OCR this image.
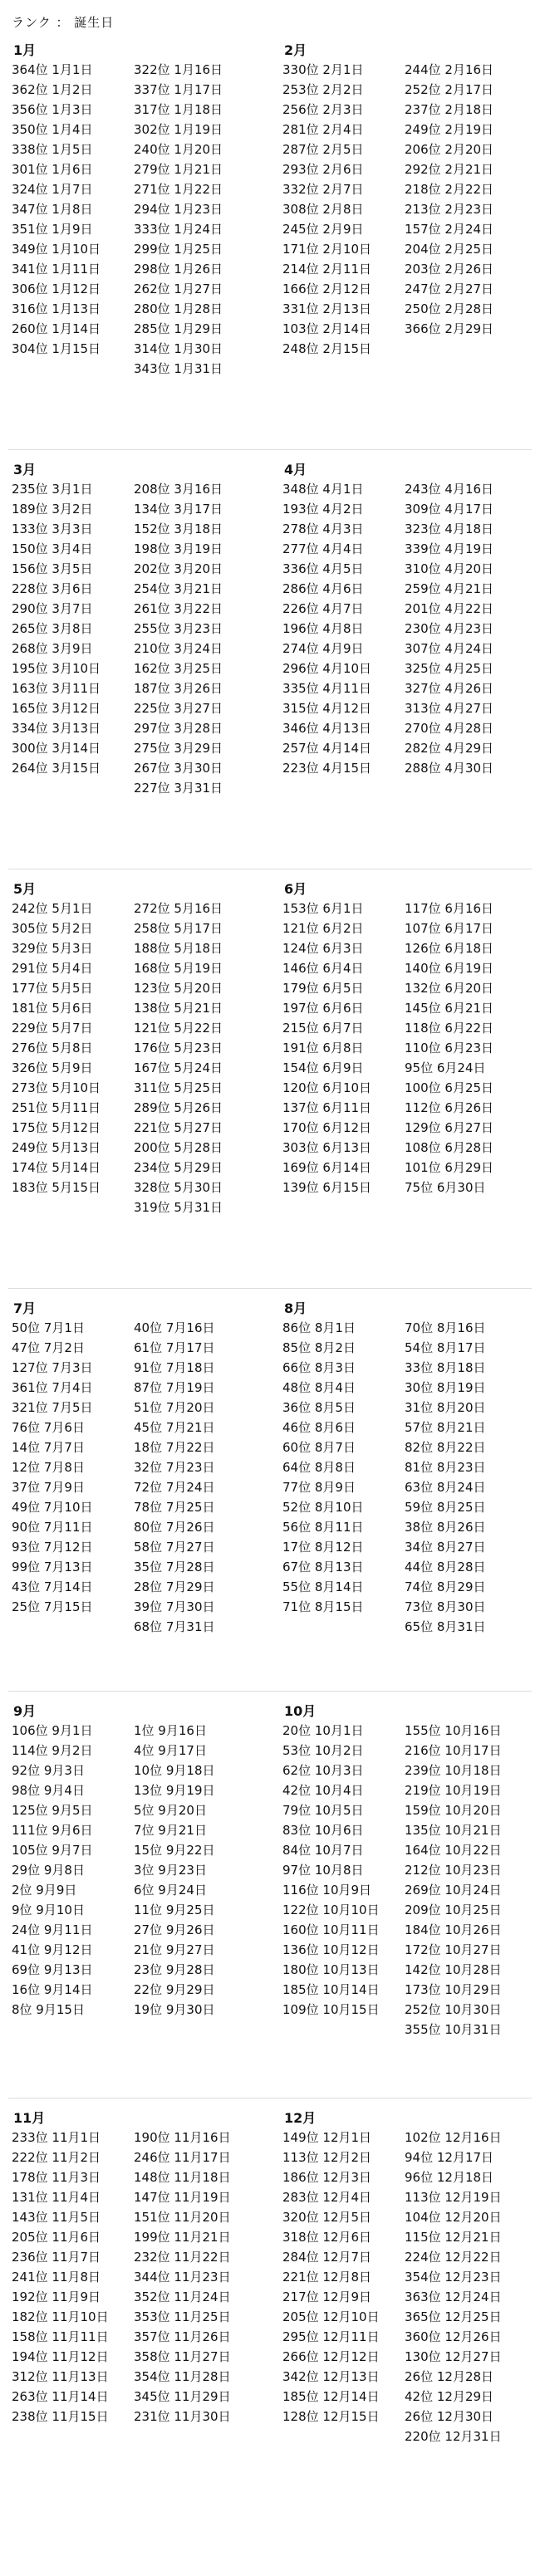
ランク ： 誕生日
1月
364位 1月1日
362位 1月2日
356位 1月3日
350位 1月4日
338位 1月5日
301位 1月6日
324位 1月7日
347位 1月8日
351位 1月9日
349位 1月10日
341位 1月11日
306位 1月12日
316位 1月13日
260位 1月14日
304位 1月15日
322位 1月16日
337位 1月17日
317位 1月18日
302位 1月19日
240位 1月20日
279位 1月21日
271位 1月22日
294位 1月23日
333位 1月24日
299位 1月25日
298位 1月26日
262位 1月27日
280位 1月28日
285位 1月29日
314位 1月30日
343位 1月31日
2月
330位 2月1日
253位 2月2日
256位 2月3日
281位 2月4日
287位 2月5日
293位 2月6日
332位 2月7日
308位 2月8日
245位 2月9日
171位 2月10日
214位 2月11日
166位 2月12日
331位 2月13日
103位 2月14日
248位 2月15日
244位 2月16日
252位 2月17日
237位 2月18日
249位 2月19日
206位 2月20日
292位 2月21日
218位 2月22日
213位 2月23日
157位 2月24日
204位 2月25日
203位 2月26日
247位 2月27日
250位 2月28日
366位 2月29日
3月
235位 3月1日
189位 3月2日
133位 3月3日
150位 3月4日
156位 3月5日
228位 3月6日
290位 3月7日
265位 3月8日
268位 3月9日
195位 3月10日
163位 3月11日
165位 3月12日
334位 3月13日
300位 3月14日
264位 3月15日
208位 3月16日
134位 3月17日
152位 3月18日
198位 3月19日
202位 3月20日
254位 3月21日
261位 3月22日
255位 3月23日
210位 3月24日
162位 3月25日
187位 3月26日
225位 3月27日
297位 3月28日
275位 3月29日
267位 3月30日
227位 3月31日
4月
348位 4月1日
193位 4月2日
278位 4月3日
277位 4月4日
336位 4月5日
286位 4月6日
226位 4月7日
196位 4月8日
274位 4月9日
296位 4月10日
335位 4月11日
315位 4月12日
346位 4月13日
257位 4月14日
223位 4月15日
243位 4月16日
309位 4月17日
323位 4月18日
339位 4月19日
310位 4月20日
259位 4月21日
201位 4月22日
230位 4月23日
307位 4月24日
325位 4月25日
327位 4月26日
313位 4月27日
270位 4月28日
282位 4月29日
288位 4月30日
5月
242位 5月1日
305位 5月2日
329位 5月3日
291位 5月4日
177位 5月5日
181位 5月6日
229位 5月7日
276位 5月8日
326位 5月9日
273位 5月10日
251位 5月11日
175位 5月12日
249位 5月13日
174位 5月14日
183位 5月15日
272位 5月16日
258位 5月17日
188位 5月18日
168位 5月19日
123位 5月20日
138位 5月21日
121位 5月22日
176位 5月23日
167位 5月24日
311位 5月25日
289位 5月26日
221位 5月27日
200位 5月28日
234位 5月29日
328位 5月30日
319位 5月31日
6月
153位 6月1日
121位 6月2日
124位 6月3日
146位 6月4日
179位 6月5日
197位 6月6日
215位 6月7日
191位 6月8日
154位 6月9日
120位 6月10日
137位 6月11日
170位 6月12日
303位 6月13日
169位 6月14日
139位 6月15日
117位 6月16日
107位 6月17日
126位 6月18日
140位 6月19日
132位 6月20日
145位 6月21日
118位 6月22日
110位 6月23日
95位 6月24日
100位 6月25日
112位 6月26日
129位 6月27日
108位 6月28日
101位 6月29日
75位 6月30日
7月
50位 7月1日
47位 7月2日
127位 7月3日
361位 7月4日
321位 7月5日
76位 7月6日
14位 7月7日
12位 7月8日
37位 7月9日
49位 7月10日
90位 7月11日
93位 7月12日
99位 7月13日
43位 7月14日
25位 7月15日
40位 7月16日
61位 7月17日
91位 7月18日
87位 7月19日
51位 7月20日
45位 7月21日
18位 7月22日
32位 7月23日
72位 7月24日
78位 7月25日
80位 7月26日
58位 7月27日
35位 7月28日
28位 7月29日
39位 7月30日
68位 7月31日
8月
86位 8月1日
85位 8月2日
66位 8月3日
48位 8月4日
36位 8月5日
46位 8月6日
60位 8月7日
64位 8月8日
77位 8月9日
52位 8月10日
56位 8月11日
17位 8月12日
67位 8月13日
55位 8月14日
71位 8月15日
70位 8月16日
54位 8月17日
33位 8月18日
30位 8月19日
31位 8月20日
57位 8月21日
82位 8月22日
81位 8月23日
63位 8月24日
59位 8月25日
38位 8月26日
34位 8月27日
44位 8月28日
74位 8月29日
73位 8月30日
65位 8月31日
9月
106位 9月1日
114位 9月2日
92位 9月3日
98位 9月4日
125位 9月5日
111位 9月6日
105位 9月7日
29位 9月8日
2位 9月9日
9位 9月10日
24位 9月11日
41位 9月12日
69位 9月13日
16位 9月14日
8位 9月15日
1位 9月16日
4位 9月17日
10位 9月18日
13位 9月19日
5位 9月20日
7位 9月21日
15位 9月22日
3位 9月23日
6位 9月24日
11位 9月25日
27位 9月26日
21位 9月27日
23位 9月28日
22位 9月29日
19位 9月30日
10月
20位 10月1日
53位 10月2日
62位 10月3日
42位 10月4日
79位 10月5日
83位 10月6日
84位 10月7日
97位 10月8日
116位 10月9日
122位 10月10日
160位 10月11日
136位 10月12日
180位 10月13日
185位 10月14日
109位 10月15日
155位 10月16日
216位 10月17日
239位 10月18日
219位 10月19日
159位 10月20日
135位 10月21日
164位 10月22日
212位 10月23日
269位 10月24日
209位 10月25日
184位 10月26日
172位 10月27日
142位 10月28日
173位 10月29日
252位 10月30日
355位 10月31日
11月
233位 11月1日
222位 11月2日
178位 11月3日
131位 11月4日
143位 11月5日
205位 11月6日
236位 11月7日
241位 11月8日
192位 11月9日
182位 11月10日
158位 11月11日
194位 11月12日
312位 11月13日
263位 11月14日
238位 11月15日
190位 11月16日
246位 11月17日
148位 11月18日
147位 11月19日
151位 11月20日
199位 11月21日
232位 11月22日
344位 11月23日
352位 11月24日
353位 11月25日
357位 11月26日
358位 11月27日
354位 11月28日
345位 11月29日
231位 11月30日
12月
149位 12月1日
113位 12月2日
186位 12月3日
283位 12月4日
320位 12月5日
318位 12月6日
284位 12月7日
221位 12月8日
217位 12月9日
205位 12月10日
295位 12月11日
266位 12月12日
342位 12月13日
185位 12月14日
128位 12月15日
102位 12月16日
94位 12月17日
96位 12月18日
113位 12月19日
104位 12月20日
115位 12月21日
224位 12月22日
354位 12月23日
363位 12月24日
365位 12月25日
360位 12月26日
130位 12月27日
26位 12月28日
42位 12月29日
26位 12月30日
220位 12月31日
